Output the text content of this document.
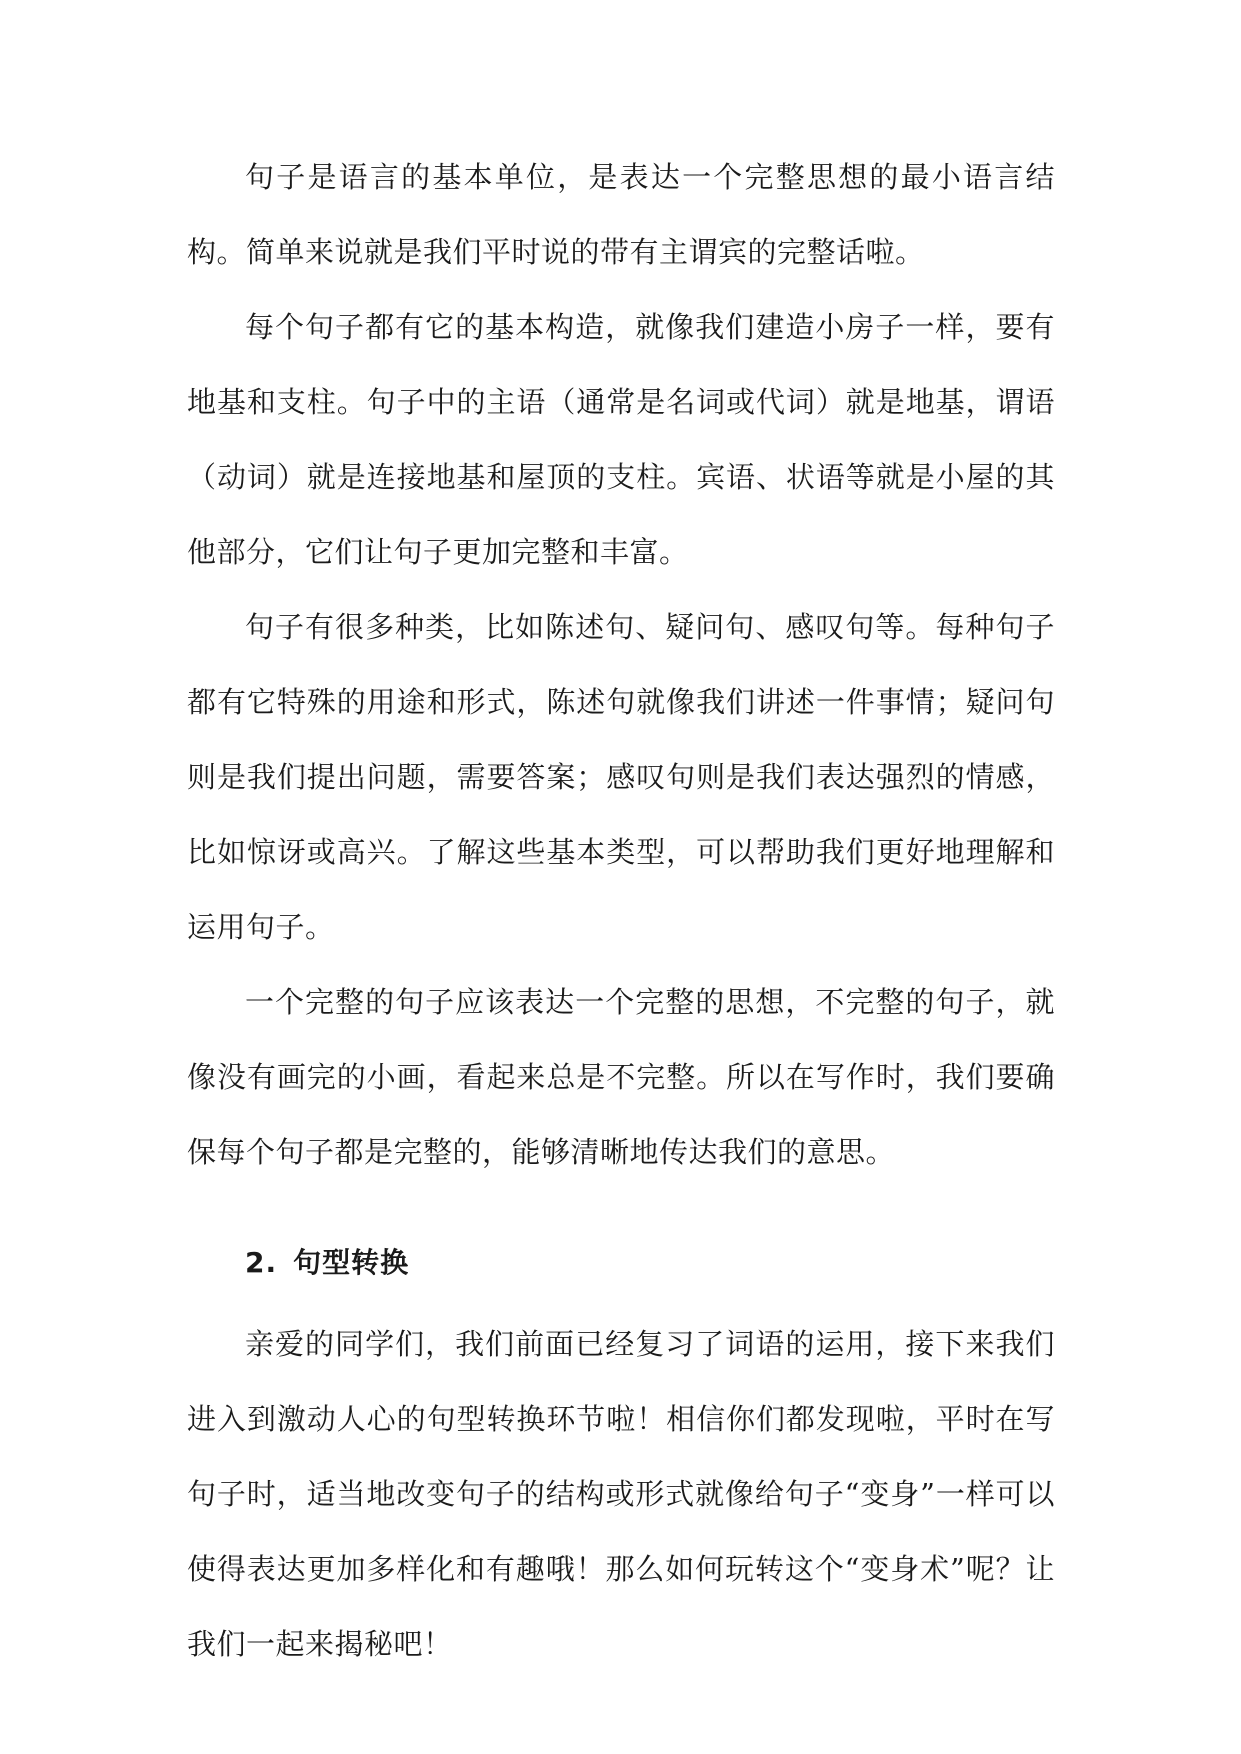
句子是语言的基本单位，是表达一个完整思想的最小语言结构。简单来说就是我们平时说的带有主谓宾的完整话啦。

每个句子都有它的基本构造，就像我们建造小房子一样，要有地基和支柱。句子中的主语（通常是名词或代词）就是地基，谓语（动词）就是连接地基和屋顶的支柱。宾语、状语等就是小屋的其他部分，它们让句子更加完整和丰富。

句子有很多种类，比如陈述句、疑问句、感叹句等。每种句子都有它特殊的用途和形式，陈述句就像我们讲述一件事情；疑问句则是我们提出问题，需要答案；感叹句则是我们表达强烈的情感，比如惊讶或高兴。了解这些基本类型，可以帮助我们更好地理解和运用句子。

一个完整的句子应该表达一个完整的思想，不完整的句子，就像没有画完的小画，看起来总是不完整。所以在写作时，我们要确保每个句子都是完整的，能够清晰地传达我们的意思。

2. 句型转换

亲爱的同学们，我们前面已经复习了词语的运用，接下来我们进入到激动人心的句型转换环节啦！相信你们都发现啦，平时在写句子时，适当地改变句子的结构或形式就像给句子“变身”一样可以使得表达更加多样化和有趣哦！那么如何玩转这个“变身术”呢？让我们一起来揭秘吧！
